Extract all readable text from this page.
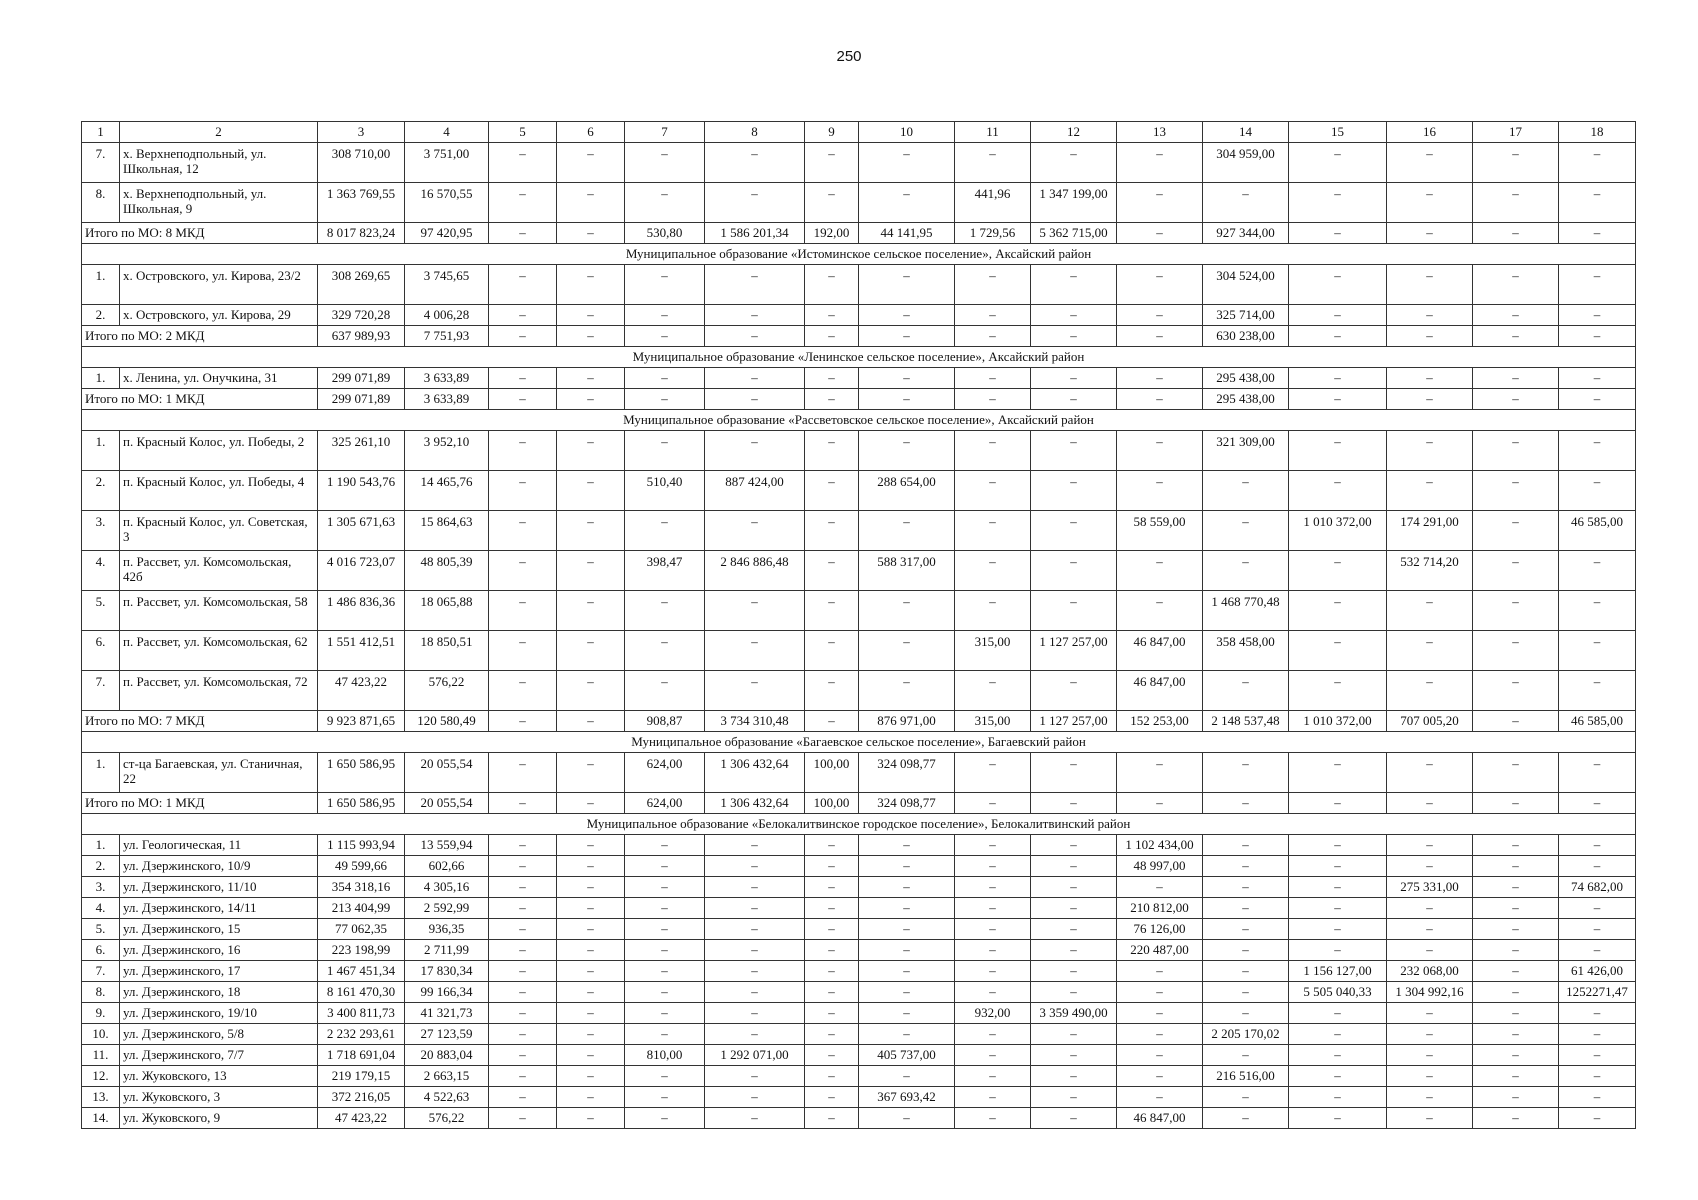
250
1	2	3	4	5	6	7	8	9	10	11	12	13	14	15	16	17	18
7.	х. Верхнеподпольный, ул. Школьная, 12	308 710,00	3 751,00	–	–	–	–	–	–	–	–	–	304 959,00	–	–	–	–
8.	х. Верхнеподпольный, ул. Школьная, 9	1 363 769,55	16 570,55	–	–	–	–	–	–	441,96	1 347 199,00	–	–	–	–	–	–
Итого по МО: 8 МКД		8 017 823,24	97 420,95	–	–	530,80	1 586 201,34	192,00	44 141,95	1 729,56	5 362 715,00	–	927 344,00	–	–	–	–
Муниципальное образование «Истоминское сельское поселение», Аксайский район																	
1.	х. Островского, ул. Кирова, 23/2	308 269,65	3 745,65	–	–	–	–	–	–	–	–	–	304 524,00	–	–	–	–
2.	х. Островского, ул. Кирова, 29	329 720,28	4 006,28	–	–	–	–	–	–	–	–	–	325 714,00	–	–	–	–
Итого по МО: 2 МКД		637 989,93	7 751,93	–	–	–	–	–	–	–	–	–	630 238,00	–	–	–	–
Муниципальное образование «Ленинское сельское поселение», Аксайский район																	
1.	х. Ленина, ул. Онучкина, 31	299 071,89	3 633,89	–	–	–	–	–	–	–	–	–	295 438,00	–	–	–	–
Итого по МО: 1 МКД		299 071,89	3 633,89	–	–	–	–	–	–	–	–	–	295 438,00	–	–	–	–
Муниципальное образование «Рассветовское сельское поселение», Аксайский район																	
1.	п. Красный Колос, ул. Победы, 2	325 261,10	3 952,10	–	–	–	–	–	–	–	–	–	321 309,00	–	–	–	–
2.	п. Красный Колос, ул. Победы, 4	1 190 543,76	14 465,76	–	–	510,40	887 424,00	–	288 654,00	–	–	–	–	–	–	–	–
3.	п. Красный Колос, ул. Советская, 3	1 305 671,63	15 864,63	–	–	–	–	–	–	–	–	58 559,00	–	1 010 372,00	174 291,00	–	46 585,00
4.	п. Рассвет, ул. Комсомольская, 42б	4 016 723,07	48 805,39	–	–	398,47	2 846 886,48	–	588 317,00	–	–	–	–	–	532 714,20	–	–
5.	п. Рассвет, ул. Комсомольская, 58	1 486 836,36	18 065,88	–	–	–	–	–	–	–	–	–	1 468 770,48	–	–	–	–
6.	п. Рассвет, ул. Комсомольская, 62	1 551 412,51	18 850,51	–	–	–	–	–	–	315,00	1 127 257,00	46 847,00	358 458,00	–	–	–	–
7.	п. Рассвет, ул. Комсомольская, 72	47 423,22	576,22	–	–	–	–	–	–	–	–	46 847,00	–	–	–	–	–
Итого по МО: 7 МКД		9 923 871,65	120 580,49	–	–	908,87	3 734 310,48	–	876 971,00	315,00	1 127 257,00	152 253,00	2 148 537,48	1 010 372,00	707 005,20	–	46 585,00
Муниципальное образование «Багаевское сельское поселение», Багаевский район																	
1.	ст-ца Багаевская, ул. Станичная, 22	1 650 586,95	20 055,54	–	–	624,00	1 306 432,64	100,00	324 098,77	–	–	–	–	–	–	–	–
Итого по МО: 1 МКД		1 650 586,95	20 055,54	–	–	624,00	1 306 432,64	100,00	324 098,77	–	–	–	–	–	–	–	–
Муниципальное образование «Белокалитвинское городское поселение», Белокалитвинский район																	
1.	ул. Геологическая, 11	1 115 993,94	13 559,94	–	–	–	–	–	–	–	–	1 102 434,00	–	–	–	–	–
2.	ул. Дзержинского, 10/9	49 599,66	602,66	–	–	–	–	–	–	–	–	48 997,00	–	–	–	–	–
3.	ул. Дзержинского, 11/10	354 318,16	4 305,16	–	–	–	–	–	–	–	–	–	–	–	275 331,00	–	74 682,00
4.	ул. Дзержинского, 14/11	213 404,99	2 592,99	–	–	–	–	–	–	–	–	210 812,00	–	–	–	–	–
5.	ул. Дзержинского, 15	77 062,35	936,35	–	–	–	–	–	–	–	–	76 126,00	–	–	–	–	–
6.	ул. Дзержинского, 16	223 198,99	2 711,99	–	–	–	–	–	–	–	–	220 487,00	–	–	–	–	–
7.	ул. Дзержинского, 17	1 467 451,34	17 830,34	–	–	–	–	–	–	–	–	–	–	1 156 127,00	232 068,00	–	61 426,00
8.	ул. Дзержинского, 18	8 161 470,30	99 166,34	–	–	–	–	–	–	–	–	–	–	5 505 040,33	1 304 992,16	–	1252271,47
9.	ул. Дзержинского, 19/10	3 400 811,73	41 321,73	–	–	–	–	–	–	932,00	3 359 490,00	–	–	–	–	–	–
10.	ул. Дзержинского, 5/8	2 232 293,61	27 123,59	–	–	–	–	–	–	–	–	–	2 205 170,02	–	–	–	–
11.	ул. Дзержинского, 7/7	1 718 691,04	20 883,04	–	–	810,00	1 292 071,00	–	405 737,00	–	–	–	–	–	–	–	–
12.	ул. Жуковского, 13	219 179,15	2 663,15	–	–	–	–	–	–	–	–	–	216 516,00	–	–	–	–
13.	ул. Жуковского, 3	372 216,05	4 522,63	–	–	–	–	–	367 693,42	–	–	–	–	–	–	–	–
14.	ул. Жуковского, 9	47 423,22	576,22	–	–	–	–	–	–	–	–	46 847,00	–	–	–	–	–
